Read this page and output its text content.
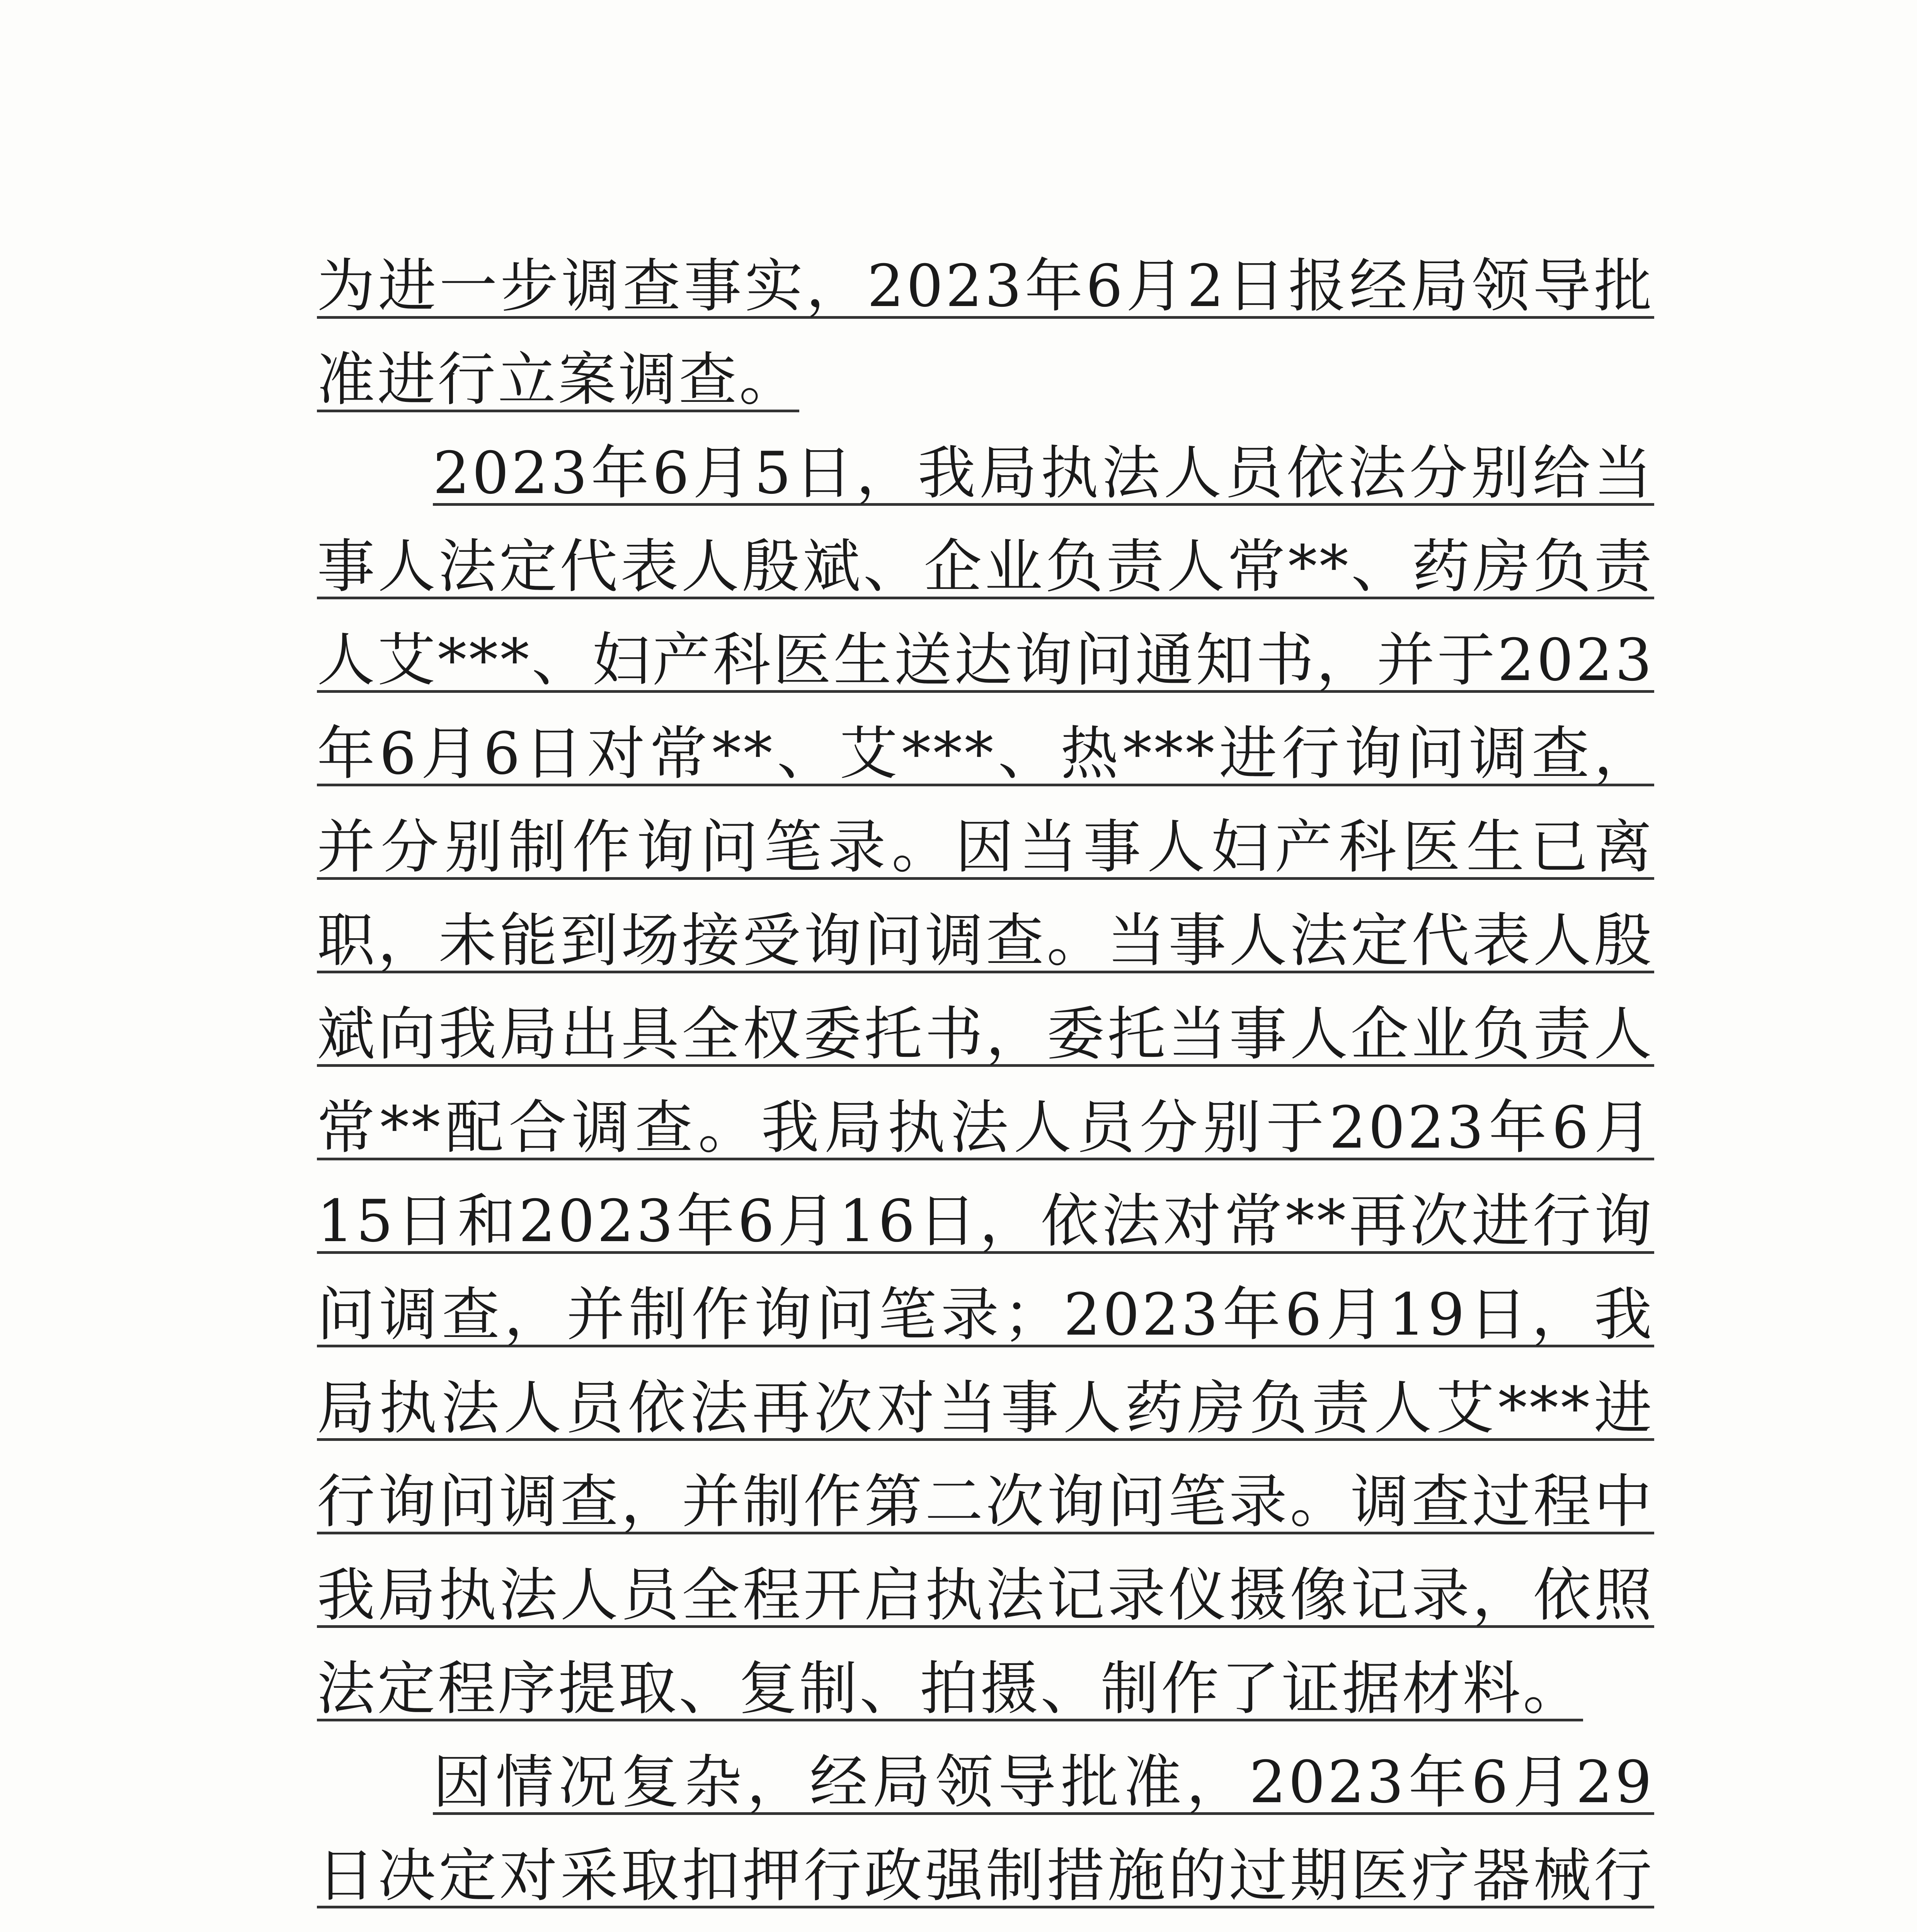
为进一步调查事实，2023年6月2日报经局领导批准进行立案调查。

2023年6月5日，我局执法人员依法分别给当事人法定代表人殷斌、企业负责人常**、药房负责人艾***、妇产科医生送达询问通知书，并于2023年6月6日对常**、艾***、热***进行询问调查，并分别制作询问笔录。因当事人妇产科医生已离职，未能到场接受询问调查。当事人法定代表人殷斌向我局出具全权委托书，委托当事人企业负责人常**配合调查。我局执法人员分别于2023年6月15日和2023年6月16日，依法对常**再次进行询问调查，并制作询问笔录；2023年6月19日，我局执法人员依法再次对当事人药房负责人艾***进行询问调查，并制作第二次询问笔录。调查过程中我局执法人员全程开启执法记录仪摄像记录，依照法定程序提取、复制、拍摄、制作了证据材料。

因情况复杂，经局领导批准，2023年6月29日决定对采取扣押行政强制措施的过期医疗器械行
